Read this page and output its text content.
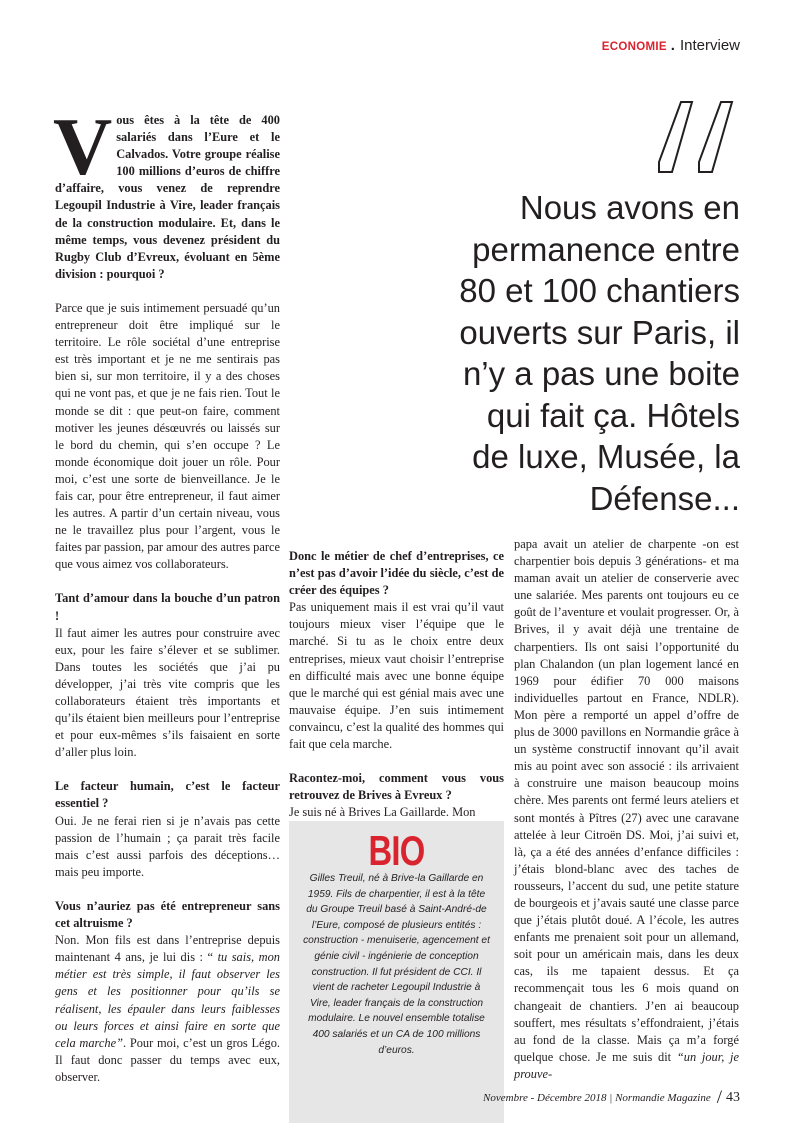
ECONOMIE . Interview

Vous êtes à la tête de 400 salariés dans l’Eure et le Calvados. Votre groupe réalise 100 millions d’euros de chiffre d’affaire, vous venez de reprendre Legoupil Industrie à Vire, leader français de la construction modulaire. Et, dans le même temps, vous devenez président du Rugby Club d’Evreux, évoluant en 5ème division : pourquoi ?

Parce que je suis intimement persuadé qu’un entrepreneur doit être impliqué sur le territoire. Le rôle sociétal d’une entreprise est très important et je ne me sentirais pas bien si, sur mon territoire, il y a des choses qui ne vont pas, et que je ne fais rien. Tout le monde se dit : que peut-on faire, comment motiver les jeunes désœuvrés ou laissés sur le bord du chemin, qui s’en occupe ? Le monde économique doit jouer un rôle. Pour moi, c’est une sorte de bienveillance. Je le fais car, pour être entrepreneur, il faut aimer les autres. A partir d’un certain niveau, vous ne le travaillez plus pour l’argent, vous le faites par passion, par amour des autres parce que vous aimez vos collaborateurs.

Tant d’amour dans la bouche d’un patron !

Il faut aimer les autres pour construire avec eux, pour les faire s’élever et se sublimer. Dans toutes les sociétés que j’ai pu développer, j’ai très vite compris que les collaborateurs étaient très importants et qu’ils étaient bien meilleurs pour l’entreprise et pour eux-mêmes s’ils faisaient en sorte d’aller plus loin.

Le facteur humain, c’est le facteur essentiel ?

Oui. Je ne ferai rien si je n’avais pas cette passion de l’humain ; ça parait très facile mais c’est aussi parfois des déceptions… mais peu importe.

Vous n’auriez pas été entrepreneur sans cet altruisme ?

Non. Mon fils est dans l’entreprise depuis maintenant 4 ans, je lui dis : “ tu sais, mon métier est très simple, il faut observer les gens et les positionner pour qu’ils se réalisent, les épauler dans leurs faiblesses ou leurs forces et ainsi faire en sorte que cela marche”. Pour moi, c’est un gros Légo. Il faut donc passer du temps avec eux, observer.

Nous avons en permanence entre 80 et 100 chantiers ouverts sur Paris, il n’y a pas une boite qui fait ça. Hôtels de luxe, Musée, la Défense...

Donc le métier de chef d’entreprises, ce n’est pas d’avoir l’idée du siècle, c’est de créer des équipes ?

Pas uniquement mais il est vrai qu’il vaut toujours mieux viser l’équipe que le marché. Si tu as le choix entre deux entreprises, mieux vaut choisir l’entreprise en difficulté mais avec une bonne équipe que le marché qui est génial mais avec une mauvaise équipe. J’en suis intimement convaincu, c’est la qualité des hommes qui fait que cela marche.

Racontez-moi, comment vous vous retrouvez de Brives à Evreux ?

Je suis né à Brives La Gaillarde. Mon

BIO
Gilles Treuil, né à Brive-la Gaillarde en 1959. Fils de charpentier, il est à la tête du Groupe Treuil basé à Saint-André-de l’Eure, composé de plusieurs entités : construction - menuiserie, agencement et génie civil - ingénierie de conception construction. Il fut président de CCI. Il vient de racheter Legoupil Industrie à Vire, leader français de la construction modulaire. Le nouvel ensemble totalise 400 salariés et un CA de 100 millions d’euros.

papa avait un atelier de charpente -on est charpentier bois depuis 3 générations- et ma maman avait un atelier de conserverie avec une salariée. Mes parents ont toujours eu ce goût de l’aventure et voulait progresser. Or, à Brives, il y avait déjà une trentaine de charpentiers. Ils ont saisi l’opportunité du plan Chalandon (un plan logement lancé en 1969 pour édifier 70 000 maisons individuelles partout en France, NDLR). Mon père a remporté un appel d’offre de plus de 3000 pavillons en Normandie grâce à un système constructif innovant qu’il avait mis au point avec son associé : ils arrivaient à construire une maison beaucoup moins chère. Mes parents ont fermé leurs ateliers et sont montés à Pîtres (27) avec une caravane attelée à leur Citroën DS. Moi, j’ai suivi et, là, ça a été des années d’enfance difficiles : j’étais blond-blanc avec des taches de rousseurs, l’accent du sud, une petite stature de bourgeois et j’avais sauté une classe parce que j’étais plutôt doué. A l’école, les autres enfants me prenaient soit pour un allemand, soit pour un américain mais, dans les deux cas, ils me tapaient dessus. Et ça recommençait tous les 6 mois quand on changeait de chantiers. J’en ai beaucoup souffert, mes résultats s’effondraient, j’étais au fond de la classe. Mais ça m’a forgé quelque chose. Je me suis dit “un jour, je prouve-

Novembre - Décembre 2018 | Normandie Magazine / 43
